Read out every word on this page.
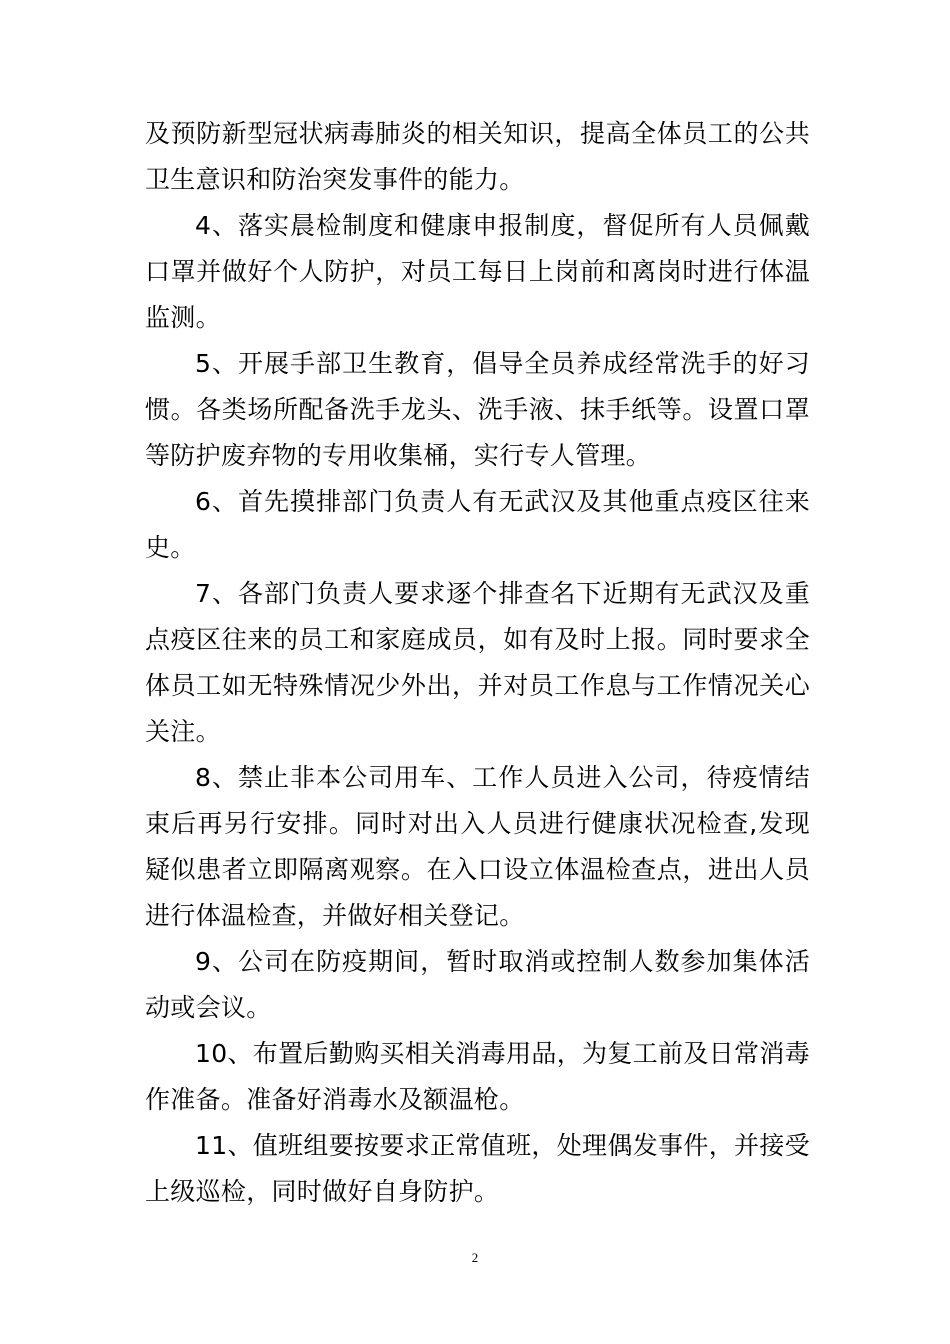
及预防新型冠状病毒肺炎的相关知识，提高全体员工的公共卫生意识和防治突发事件的能力。

4、落实晨检制度和健康申报制度，督促所有人员佩戴口罩并做好个人防护，对员工每日上岗前和离岗时进行体温监测。

5、开展手部卫生教育，倡导全员养成经常洗手的好习惯。各类场所配备洗手龙头、洗手液、抹手纸等。设置口罩等防护废弃物的专用收集桶，实行专人管理。

6、首先摸排部门负责人有无武汉及其他重点疫区往来史。

7、各部门负责人要求逐个排查名下近期有无武汉及重点疫区往来的员工和家庭成员，如有及时上报。同时要求全体员工如无特殊情况少外出，并对员工作息与工作情况关心关注。

8、禁止非本公司用车、工作人员进入公司，待疫情结束后再另行安排。同时对出入人员进行健康状况检查,发现疑似患者立即隔离观察。在入口设立体温检查点，进出人员进行体温检查，并做好相关登记。

9、公司在防疫期间，暂时取消或控制人数参加集体活动或会议。

10、布置后勤购买相关消毒用品，为复工前及日常消毒作准备。准备好消毒水及额温枪。

11、值班组要按要求正常值班，处理偶发事件，并接受上级巡检，同时做好自身防护。

2
